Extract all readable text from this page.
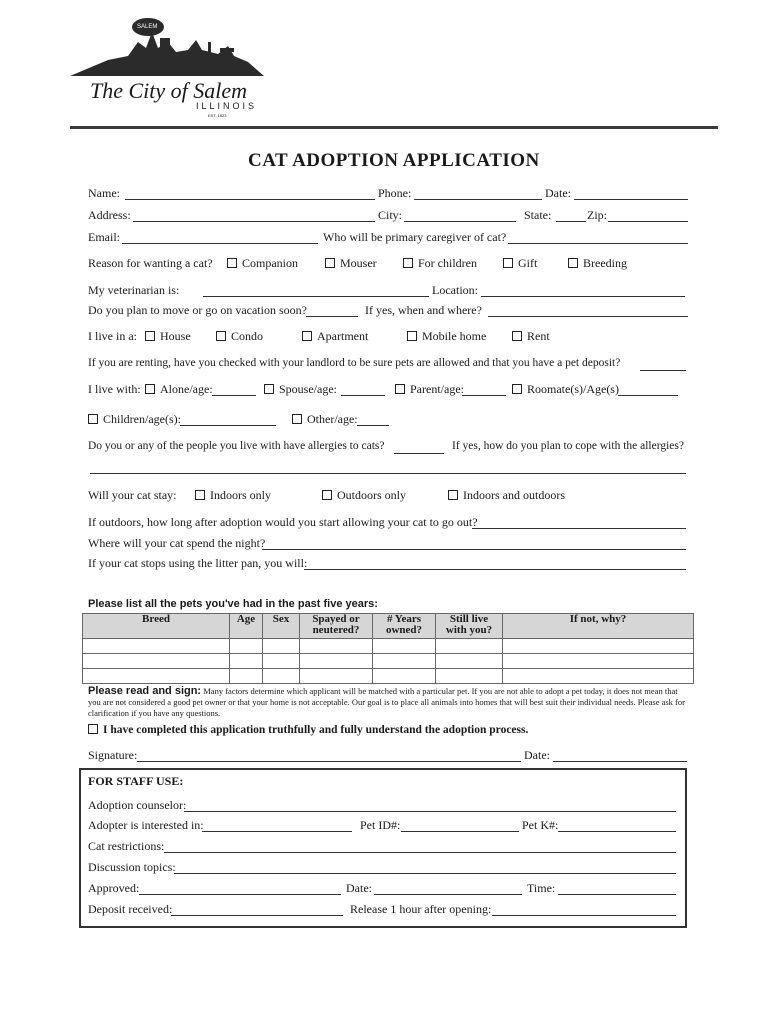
SALEM
The City of Salem
ILLINOIS
EST. 1823
CAT ADOPTION APPLICATION
Name:	Phone:	Date:
Address:	City:	State:	Zip:
Email:	Who will be primary caregiver of cat?
Reason for wanting a cat?	Companion	Mouser	For children	Gift	Breeding
My veterinarian is:	Location:
Do you plan to move or go on vacation soon?	If yes, when and where?
I live in a:	House	Condo	Apartment	Mobile home	Rent
If you are renting, have you checked with your landlord to be sure pets are allowed and that you have a pet deposit?
I live with:	Alone/age:	Spouse/age:	Parent/age:	Roomate(s)/Age(s)
Children/age(s):	Other/age:
Do you or any of the people you live with have allergies to cats?	If yes, how do you plan to cope with the allergies?
Will your cat stay:	Indoors only	Outdoors only	Indoors and outdoors
If outdoors, how long after adoption would you start allowing your cat to go out?
Where will your cat spend the night?
If your cat stops using the litter pan, you will:
Please list all the pets you've had in the past five years:
Breed	Age	Sex	Spayed or neutered?	# Years owned?	Still live with you?	If not, why?

Please read and sign: Many factors determine which applicant will be matched with a particular pet. If you are not able to adopt a pet today, it does not mean that you are not considered a good pet owner or that your home is not acceptable. Our goal is to place all animals into homes that will best suit their individual needs. Please ask for clarification if you have any questions.
I have completed this application truthfully and fully understand the adoption process.
Signature:	Date:
FOR STAFF USE:
Adoption counselor:
Adopter is interested in:	Pet ID#:	Pet K#:
Cat restrictions:
Discussion topics:
Approved:	Date:	Time:
Deposit received:	Release 1 hour after opening:
